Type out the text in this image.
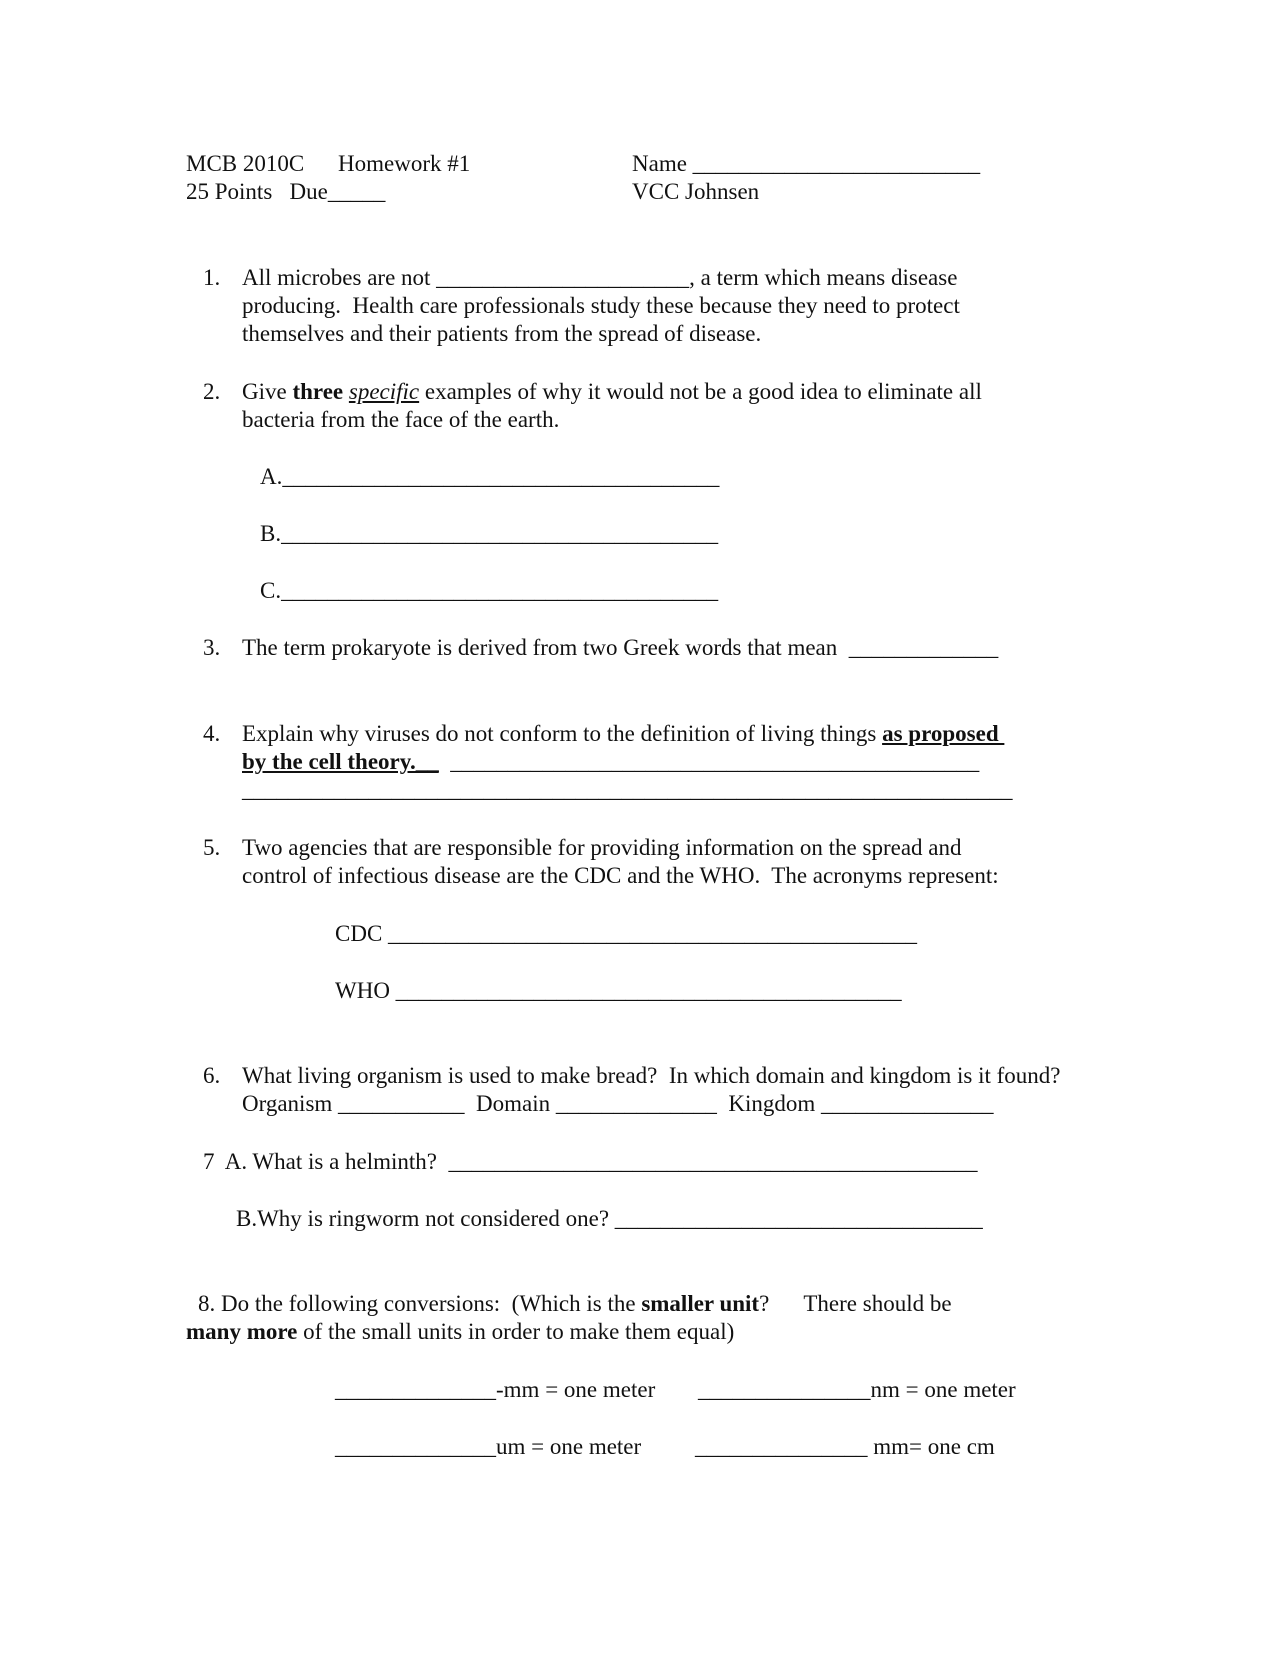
MCB 2010C Homework #1
25 Points   Due_____
Name _________________________
VCC Johnsen
1. All microbes are not ______________________, a term which means disease
producing.  Health care professionals study these because they need to protect
themselves and their patients from the spread of disease.
2. Give three specific examples of why it would not be a good idea to eliminate all
bacteria from the face of the earth.
A.______________________________________
B.______________________________________
C.______________________________________
3. The term prokaryote is derived from two Greek words that mean  _____________
4. Explain why viruses do not conform to the definition of living things as proposed
by the cell theory.__  ______________________________________________
___________________________________________________________________
5. Two agencies that are responsible for providing information on the spread and
control of infectious disease are the CDC and the WHO.  The acronyms represent:
CDC ______________________________________________
WHO ____________________________________________
6. What living organism is used to make bread?  In which domain and kingdom is it found?
Organism ___________  Domain ______________  Kingdom _______________
7  A. What is a helminth?  ______________________________________________
B.Why is ringworm not considered one? ________________________________
8. Do the following conversions:  (Which is the smaller unit?      There should be
many more of the small units in order to make them equal)
______________-mm = one meter _______________nm = one meter
______________um = one meter _______________ mm= one cm
